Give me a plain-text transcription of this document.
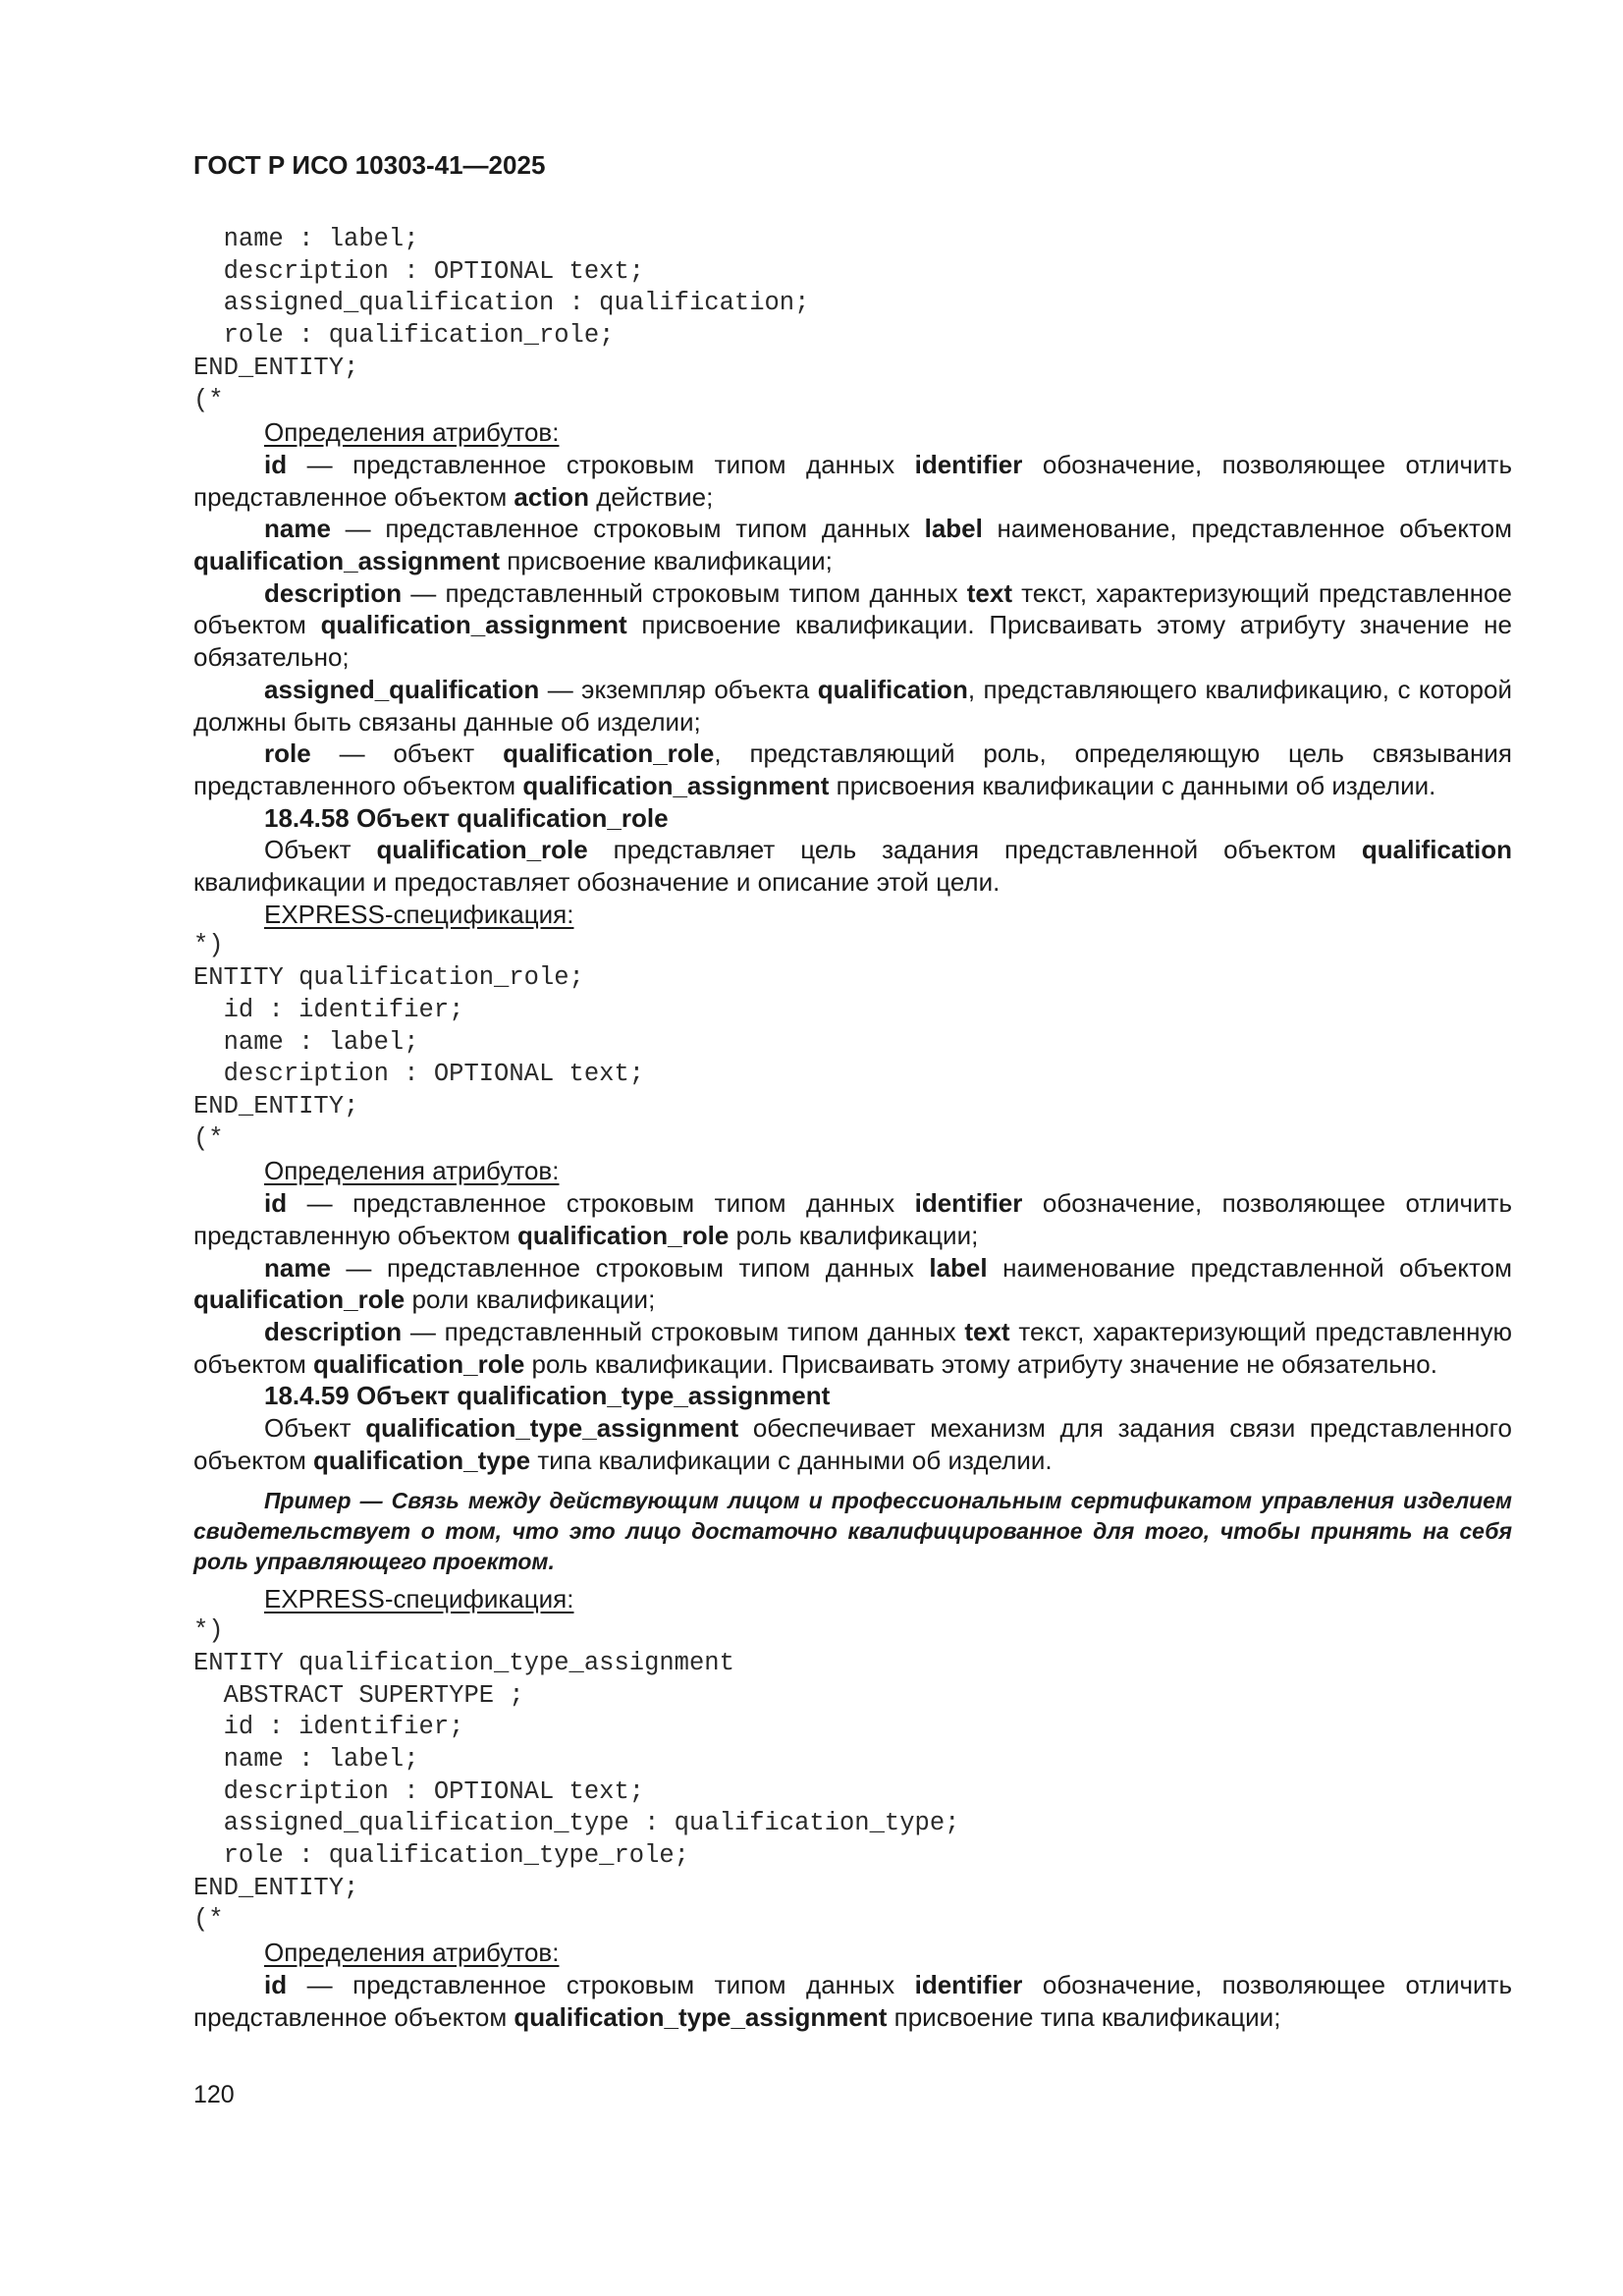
ГОСТ Р ИСО 10303-41—2025
name : label;
description : OPTIONAL text;
assigned_qualification : qualification;
role : qualification_role;
END_ENTITY;
(*

Определения атрибутов:

id — представленное строковым типом данных identifier обозначение, позволяющее отличить представленное объектом action действие;

name — представленное строковым типом данных label наименование, представленное объектом qualification_assignment присвоение квалификации;

description — представленный строковым типом данных text текст, характеризующий представленное объектом qualification_assignment присвоение квалификации. Присваивать этому атрибуту значение не обязательно;

assigned_qualification — экземпляр объекта qualification, представляющего квалификацию, с которой должны быть связаны данные об изделии;

role — объект qualification_role, представляющий роль, определяющую цель связывания представленного объектом qualification_assignment присвоения квалификации с данными об изделии.

18.4.58 Объект qualification_role

Объект qualification_role представляет цель задания представленной объектом qualification квалификации и предоставляет обозначение и описание этой цели.

EXPRESS-спецификация:

*)
ENTITY qualification_role;
id : identifier;
name : label;
description : OPTIONAL text;
END_ENTITY;
(*

Определения атрибутов:

id — представленное строковым типом данных identifier обозначение, позволяющее отличить представленную объектом qualification_role роль квалификации;

name — представленное строковым типом данных label наименование представленной объектом qualification_role роли квалификации;

description — представленный строковым типом данных text текст, характеризующий представленную объектом qualification_role роль квалификации. Присваивать этому атрибуту значение не обязательно.

18.4.59 Объект qualification_type_assignment

Объект qualification_type_assignment обеспечивает механизм для задания связи представленного объектом qualification_type типа квалификации с данными об изделии.

Пример — Связь между действующим лицом и профессиональным сертификатом управления изделием свидетельствует о том, что это лицо достаточно квалифицированное для того, чтобы принять на себя роль управляющего проектом.

EXPRESS-спецификация:

*)
ENTITY qualification_type_assignment
ABSTRACT SUPERTYPE ;
id : identifier;
name : label;
description : OPTIONAL text;
assigned_qualification_type : qualification_type;
role : qualification_type_role;
END_ENTITY;
(*

Определения атрибутов:

id — представленное строковым типом данных identifier обозначение, позволяющее отличить представленное объектом qualification_type_assignment присвоение типа квалификации;

120
